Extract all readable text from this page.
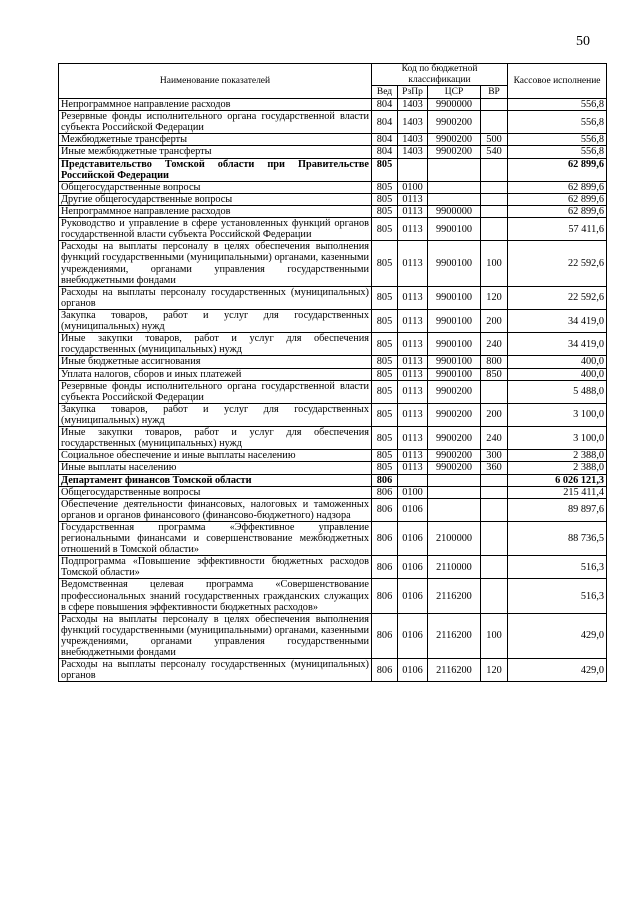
50
Наименование показателей	Код по бюджетной классификации				Кассовое исполнение
	Вед	РзПр	ЦСР	ВР	
Непрограммное направление расходов	804	1403	9900000		556,8
Резервные фонды исполнительного органа государственной власти субъекта Российской Федерации	804	1403	9900200		556,8
Межбюджетные трансферты	804	1403	9900200	500	556,8
Иные межбюджетные трансферты	804	1403	9900200	540	556,8
Представительство Томской области при Правительстве Российской Федерации	805				62 899,6
Общегосударственные вопросы	805	0100			62 899,6
Другие общегосударственные вопросы	805	0113			62 899,6
Непрограммное направление расходов	805	0113	9900000		62 899,6
Руководство и управление в сфере установленных функций органов государственной власти субъекта Российской Федерации	805	0113	9900100		57 411,6
Расходы на выплаты персоналу в целях обеспечения выполнения функций государственными (муниципальными) органами, казенными учреждениями, органами управления государственными внебюджетными фондами	805	0113	9900100	100	22 592,6
Расходы на выплаты персоналу государственных (муниципальных) органов	805	0113	9900100	120	22 592,6
Закупка товаров, работ и услуг для государственных (муниципальных) нужд	805	0113	9900100	200	34 419,0
Иные закупки товаров, работ и услуг для обеспечения государственных (муниципальных) нужд	805	0113	9900100	240	34 419,0
Иные бюджетные ассигнования	805	0113	9900100	800	400,0
Уплата налогов, сборов и иных платежей	805	0113	9900100	850	400,0
Резервные фонды исполнительного органа государственной власти субъекта Российской Федерации	805	0113	9900200		5 488,0
Закупка товаров, работ и услуг для государственных (муниципальных) нужд	805	0113	9900200	200	3 100,0
Иные закупки товаров, работ и услуг для обеспечения государственных (муниципальных) нужд	805	0113	9900200	240	3 100,0
Социальное обеспечение и иные выплаты населению	805	0113	9900200	300	2 388,0
Иные выплаты населению	805	0113	9900200	360	2 388,0
Департамент финансов Томской области	806				6 026 121,3
Общегосударственные вопросы	806	0100			215 411,4
Обеспечение деятельности финансовых, налоговых и таможенных органов и органов финансового (финансово-бюджетного) надзора	806	0106			89 897,6
Государственная программа «Эффективное управление региональными финансами и совершенствование межбюджетных отношений в Томской области»	806	0106	2100000		88 736,5
Подпрограмма «Повышение эффективности бюджетных расходов Томской области»	806	0106	2110000		516,3
Ведомственная целевая программа «Совершенствование профессиональных знаний государственных гражданских служащих в сфере повышения эффективности бюджетных расходов»	806	0106	2116200		516,3
Расходы на выплаты персоналу в целях обеспечения выполнения функций государственными (муниципальными) органами, казенными учреждениями, органами управления государственными внебюджетными фондами	806	0106	2116200	100	429,0
Расходы на выплаты персоналу государственных (муниципальных) органов	806	0106	2116200	120	429,0
